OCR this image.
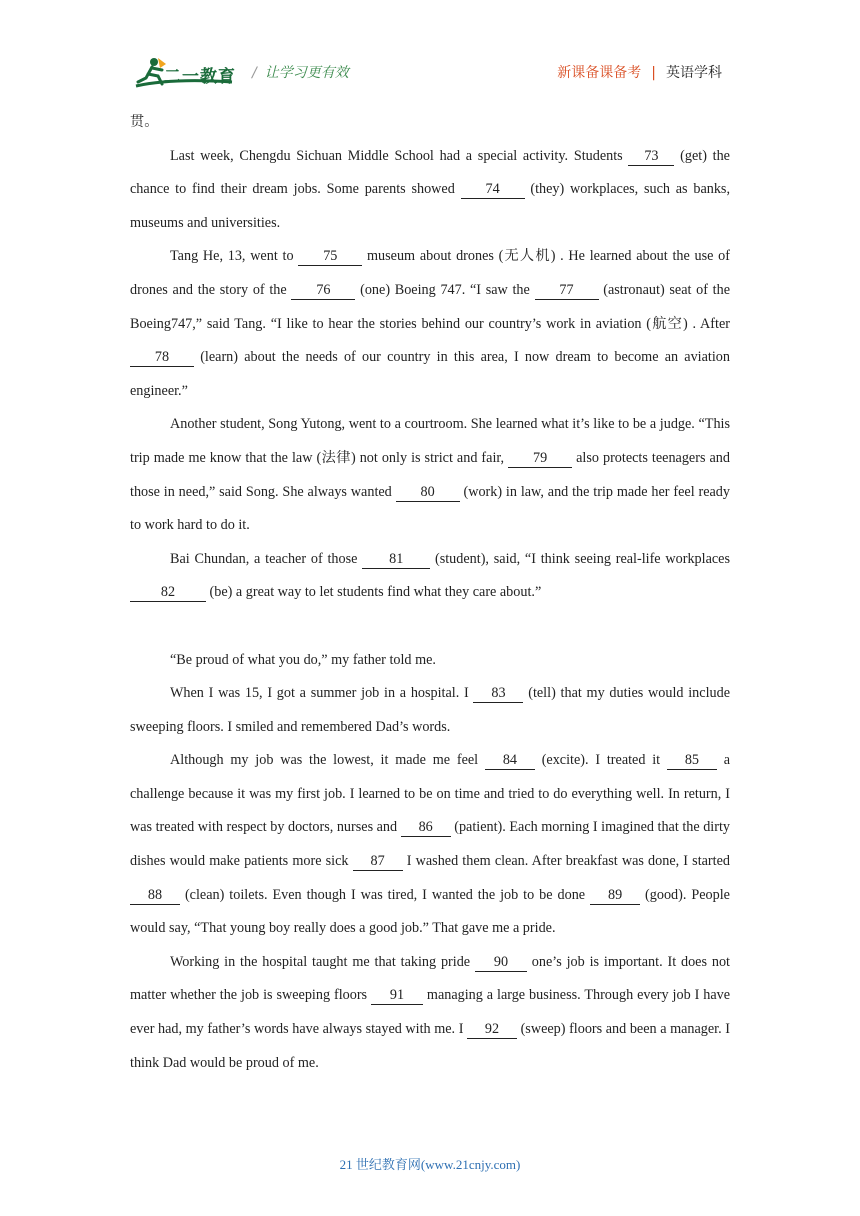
二一教育 / 让学习更有效	新课备课备考 | 英语学科

贯。

Last week, Chengdu Sichuan Middle School had a special activity. Students 73 (get) the chance to find their dream jobs. Some parents showed 74 (they) workplaces, such as banks, museums and universities.

Tang He, 13, went to 75 museum about drones (无人机) . He learned about the use of drones and the story of the 76 (one) Boeing 747. “I saw the 77 (astronaut) seat of the Boeing747,” said Tang. “I like to hear the stories behind our country’s work in aviation (航空) . After 78 (learn) about the needs of our country in this area, I now dream to become an aviation engineer.”

Another student, Song Yutong, went to a courtroom. She learned what it’s like to be a judge. “This trip made me know that the law (法律) not only is strict and fair, 79 also protects teenagers and those in need,” said Song. She always wanted 80 (work) in law, and the trip made her feel ready to work hard to do it.

Bai Chundan, a teacher of those 81 (student), said, “I think seeing real-life workplaces 82 (be) a great way to let students find what they care about.”

“Be proud of what you do,” my father told me.

When I was 15, I got a summer job in a hospital. I 83 (tell) that my duties would include sweeping floors. I smiled and remembered Dad’s words.

Although my job was the lowest, it made me feel 84 (excite). I treated it 85 a challenge because it was my first job. I learned to be on time and tried to do everything well. In return, I was treated with respect by doctors, nurses and 86 (patient). Each morning I imagined that the dirty dishes would make patients more sick 87 I washed them clean. After breakfast was done, I started 88 (clean) toilets. Even though I was tired, I wanted the job to be done 89 (good). People would say, “That young boy really does a good job.” That gave me a pride.

Working in the hospital taught me that taking pride 90 one’s job is important. It does not matter whether the job is sweeping floors 91 managing a large business. Through every job I have ever had, my father’s words have always stayed with me. I 92 (sweep) floors and been a manager. I think Dad would be proud of me.

21 世纪教育网(www.21cnjy.com)
